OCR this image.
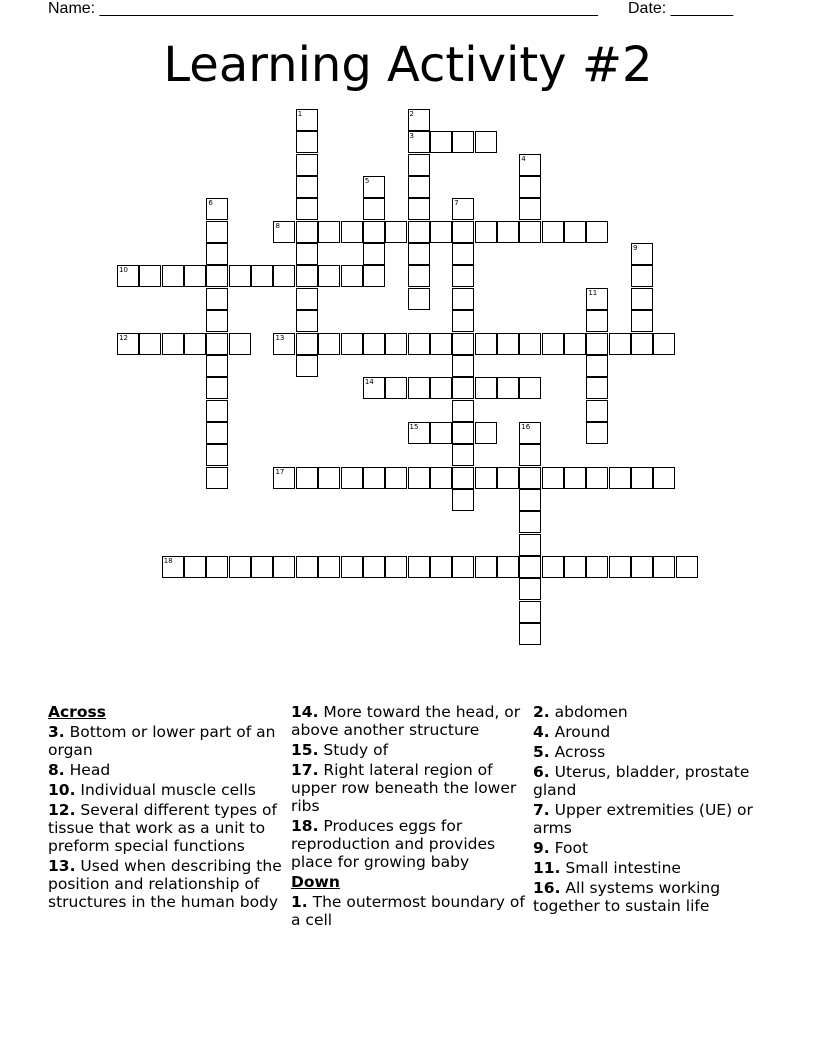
Name: ________________________________________________________ Date: _______
Learning Activity #2
1	2
3
4
5
6	7
8
9
10
11
12	13
14
15	16
17
18
Across
3. Bottom or lower part of an organ
8. Head
10. Individual muscle cells
12. Several different types of tissue that work as a unit to preform special functions
13. Used when describing the position and relationship of structures in the human body
14. More toward the head, or above another structure
15. Study of
17. Right lateral region of upper row beneath the lower ribs
18. Produces eggs for reproduction and provides place for growing baby
Down
1. The outermost boundary of a cell
2. abdomen
4. Around
5. Across
6. Uterus, bladder, prostate gland
7. Upper extremities (UE) or arms
9. Foot
11. Small intestine
16. All systems working together to sustain life
